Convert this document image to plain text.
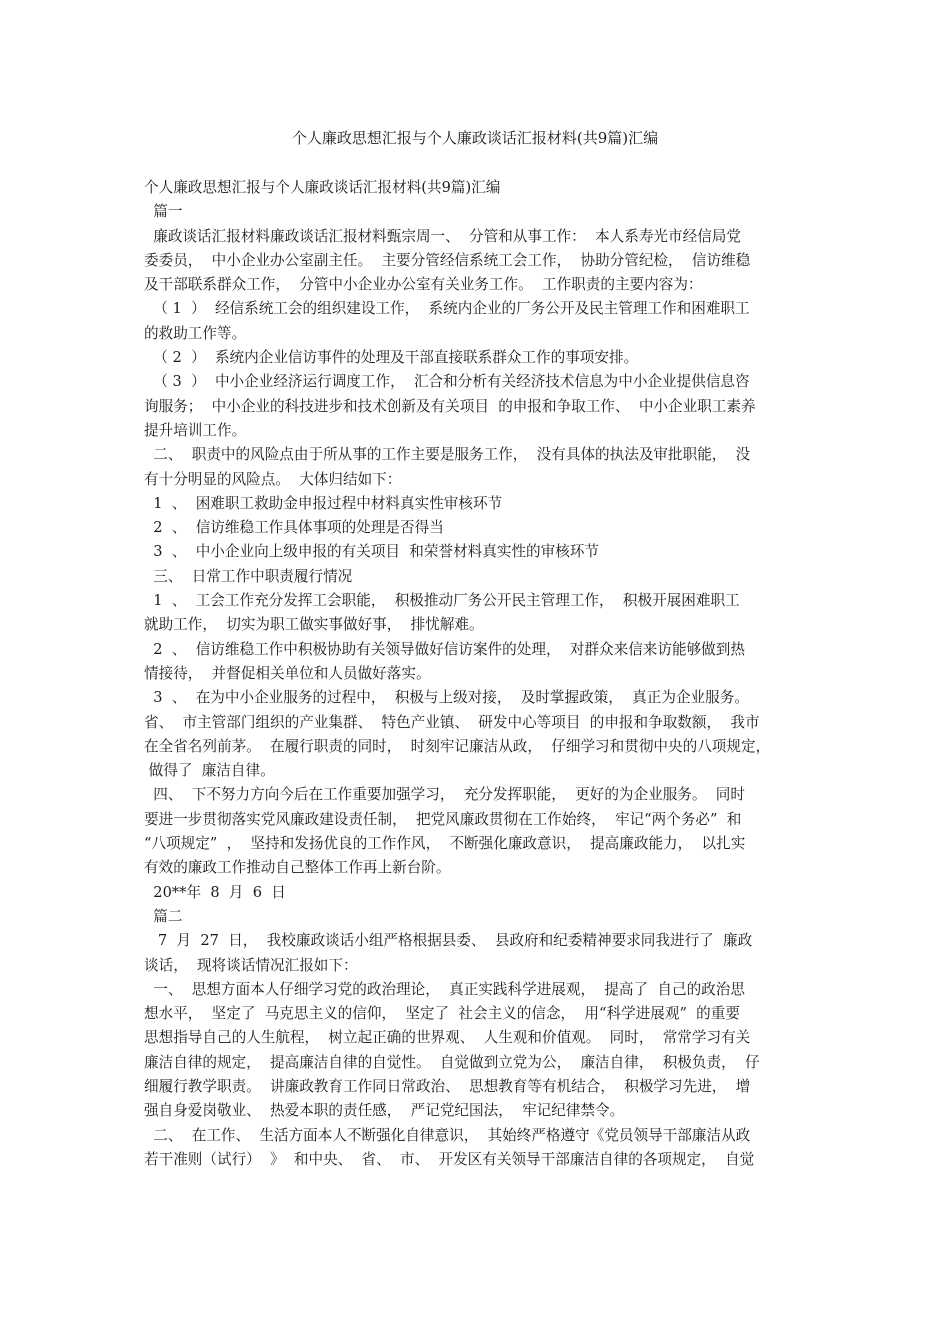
个人廉政思想汇报与个人廉政谈话汇报材料(共9篇)汇编

个人廉政思想汇报与个人廉政谈话汇报材料(共9篇)汇编

篇一

廉政谈话汇报材料廉政谈话汇报材料甄宗周一、  分管和从事工作：  本人系寿光市经信局党

委委员，  中小企业办公室副主任。  主要分管经信系统工会工作，  协助分管纪检，  信访维稳

及干部联系群众工作，  分管中小企业办公室有关业务工作。  工作职责的主要内容为：

（ 1  ）  经信系统工会的组织建设工作，  系统内企业的厂务公开及民主管理工作和困难职工

的救助工作等。

（ 2  ）  系统内企业信访事件的处理及干部直接联系群众工作的事项安排。

（ 3  ）  中小企业经济运行调度工作，  汇合和分析有关经济技术信息为中小企业提供信息咨

询服务；  中小企业的科技进步和技术创新及有关项目  的申报和争取工作、  中小企业职工素养

提升培训工作。

二、  职责中的风险点由于所从事的工作主要是服务工作，  没有具体的执法及审批职能，  没

有十分明显的风险点。  大体归结如下：

1  、  困难职工救助金申报过程中材料真实性审核环节

2  、  信访维稳工作具体事项的处理是否得当

3  、  中小企业向上级申报的有关项目  和荣誉材料真实性的审核环节

三、  日常工作中职责履行情况

1  、  工会工作充分发挥工会职能，  积极推动厂务公开民主管理工作，  积极开展困难职工

就助工作，  切实为职工做实事做好事，  排忧解难。

2  、  信访维稳工作中积极协助有关领导做好信访案件的处理，  对群众来信来访能够做到热

情接待，  并督促相关单位和人员做好落实。

3  、  在为中小企业服务的过程中，  积极与上级对接，  及时掌握政策，  真正为企业服务。

省、  市主管部门组织的产业集群、  特色产业镇、  研发中心等项目  的申报和争取数额，  我市

在全省名列前茅。  在履行职责的同时，  时刻牢记廉洁从政，  仔细学习和贯彻中央的八项规定，

做得了  廉洁自律。

四、  下不努力方向今后在工作重要加强学习，  充分发挥职能，  更好的为企业服务。  同时

要进一步贯彻落实党风廉政建设责任制，  把党风廉政贯彻在工作始终，  牢记“两个务必”  和

“八项规定”  ，  坚持和发扬优良的工作作风，  不断强化廉政意识，  提高廉政能力，  以扎实

有效的廉政工作推动自己整体工作再上新台阶。

20**年  8  月  6  日

篇二

7  月  27  日，  我校廉政谈话小组严格根据县委、  县政府和纪委精神要求同我进行了  廉政

谈话，  现将谈话情况汇报如下：

一、  思想方面本人仔细学习党的政治理论，  真正实践科学进展观，  提高了  自己的政治思

想水平，  坚定了  马克思主义的信仰，  坚定了  社会主义的信念，  用“科学进展观”  的重要

思想指导自己的人生航程，  树立起正确的世界观、  人生观和价值观。  同时，  常常学习有关

廉洁自律的规定，  提高廉洁自律的自觉性。  自觉做到立党为公，  廉洁自律，  积极负责，  仔

细履行教学职责。  讲廉政教育工作同日常政治、  思想教育等有机结合，  积极学习先进，  增

强自身爱岗敬业、  热爱本职的责任感，  严记党纪国法，  牢记纪律禁令。

二、  在工作、  生活方面本人不断强化自律意识，  其始终严格遵守《党员领导干部廉洁从政

若干准则（试行）  》  和中央、  省、  市、  开发区有关领导干部廉洁自律的各项规定，  自觉
